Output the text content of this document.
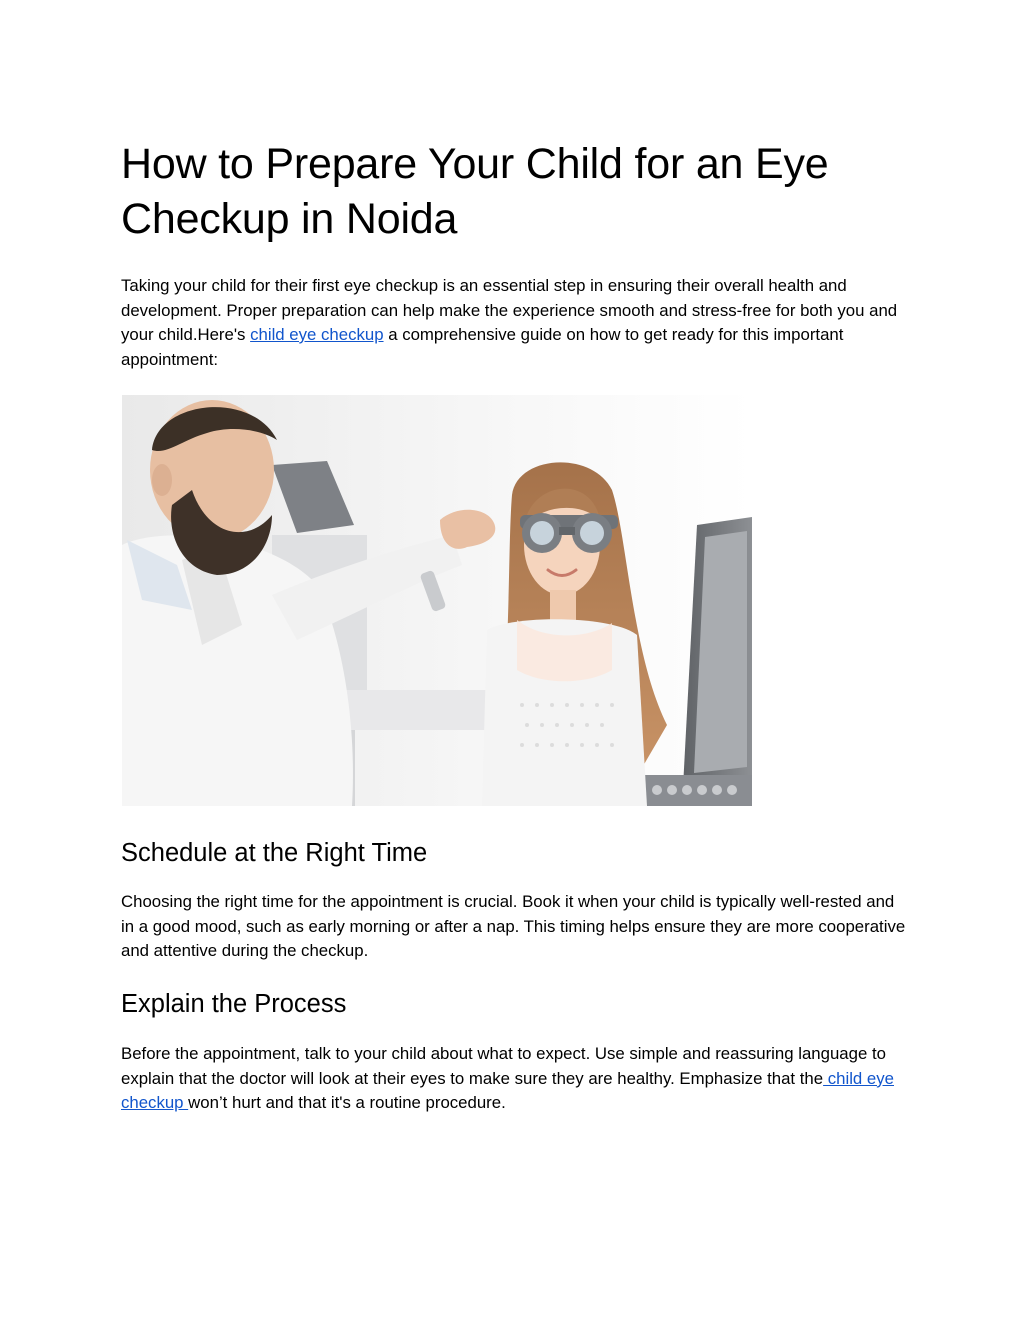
How to Prepare Your Child for an Eye Checkup in Noida

Taking your child for their first eye checkup is an essential step in ensuring their overall health and development. Proper preparation can help make the experience smooth and stress-free for both you and your child.Here's child eye checkup a comprehensive guide on how to get ready for this important appointment:

Schedule at the Right Time

Choosing the right time for the appointment is crucial. Book it when your child is typically well-rested and in a good mood, such as early morning or after a nap. This timing helps ensure they are more cooperative and attentive during the checkup.

Explain the Process

Before the appointment, talk to your child about what to expect. Use simple and reassuring language to explain that the doctor will look at their eyes to make sure they are healthy. Emphasize that the child eye checkup won’t hurt and that it's a routine procedure.
